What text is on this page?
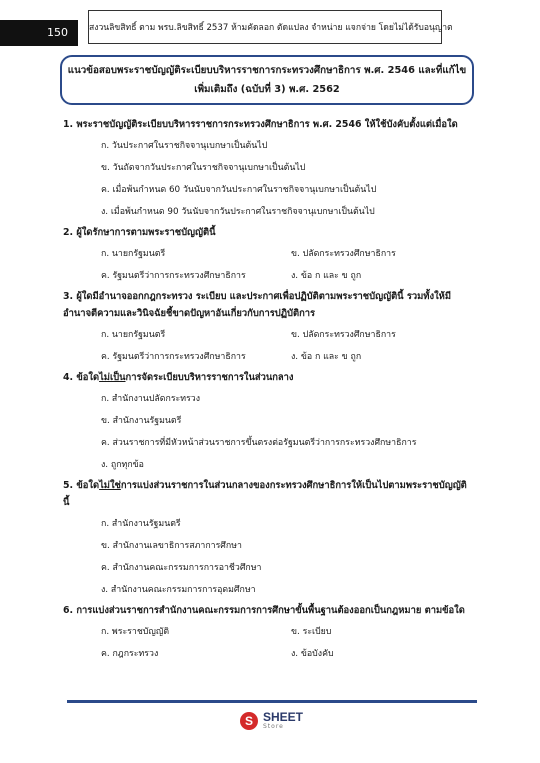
150	สงวนลิขสิทธิ์ ตาม พรบ.ลิขสิทธิ์ 2537 ห้ามคัดลอก ตัดแปลง จำหน่าย แจกจ่าย โดยไม่ได้รับอนุญาต
แนวข้อสอบพระราชบัญญัติระเบียบบริหารราชการกระทรวงศึกษาธิการ พ.ศ. 2546 และที่แก้ไข
เพิ่มเติมถึง (ฉบับที่ 3) พ.ศ. 2562
1. พระราชบัญญัติระเบียบบริหารราชการกระทรวงศึกษาธิการ พ.ศ. 2546 ให้ใช้บังคับตั้งแต่เมื่อใด
ก. วันประกาศในราชกิจจานุเบกษาเป็นต้นไป
ข. วันถัดจากวันประกาศในราชกิจจานุเบกษาเป็นต้นไป
ค. เมื่อพ้นกำหนด 60 วันนับจากวันประกาศในราชกิจจานุเบกษาเป็นต้นไป
ง. เมื่อพ้นกำหนด 90 วันนับจากวันประกาศในราชกิจจานุเบกษาเป็นต้นไป
2. ผู้ใดรักษาการตามพระราชบัญญัตินี้
ก. นายกรัฐมนตรี	ข. ปลัดกระทรวงศึกษาธิการ
ค. รัฐมนตรีว่าการกระทรวงศึกษาธิการ	ง. ข้อ ก และ ข ถูก
3. ผู้ใดมีอำนาจออกกฎกระทรวง ระเบียบ และประกาศเพื่อปฏิบัติตามพระราชบัญญัตินี้ รวมทั้งให้มี
อำนาจตีความและวินิจฉัยชี้ขาดปัญหาอันเกี่ยวกับการปฏิบัติการ
ก. นายกรัฐมนตรี	ข. ปลัดกระทรวงศึกษาธิการ
ค. รัฐมนตรีว่าการกระทรวงศึกษาธิการ	ง. ข้อ ก และ ข ถูก
4. ข้อใดไม่เป็นการจัดระเบียบบริหารราชการในส่วนกลาง
ก. สำนักงานปลัดกระทรวง
ข. สำนักงานรัฐมนตรี
ค. ส่วนราชการที่มีหัวหน้าส่วนราชการขึ้นตรงต่อรัฐมนตรีว่าการกระทรวงศึกษาธิการ
ง. ถูกทุกข้อ
5. ข้อใดไม่ใช่การแบ่งส่วนราชการในส่วนกลางของกระทรวงศึกษาธิการให้เป็นไปตามพระราชบัญญัติ
นี้
ก. สำนักงานรัฐมนตรี
ข. สำนักงานเลขาธิการสภาการศึกษา
ค. สำนักงานคณะกรรมการการอาชีวศึกษา
ง. สำนักงานคณะกรรมการการอุดมศึกษา
6. การแบ่งส่วนราชการสำนักงานคณะกรรมการการศึกษาขั้นพื้นฐานต้องออกเป็นกฎหมาย ตามข้อใด
ก. พระราชบัญญัติ	ข. ระเบียบ
ค. กฎกระทรวง	ง. ข้อบังคับ
S SHEET
Store
